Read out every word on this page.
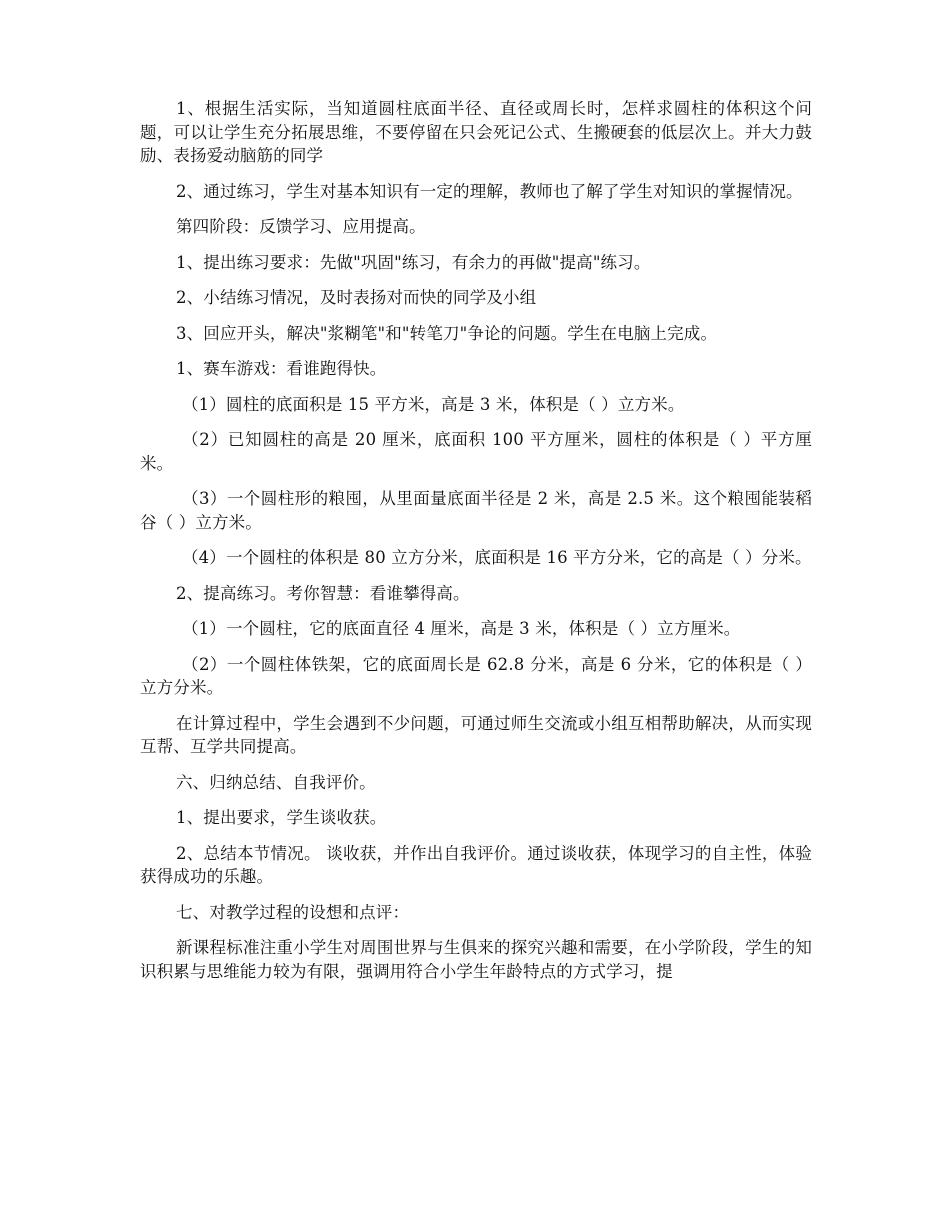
1、根据生活实际，当知道圆柱底面半径、直径或周长时，怎样求圆柱的体积这个问题，可以让学生充分拓展思维，不要停留在只会死记公式、生搬硬套的低层次上。并大力鼓励、表扬爱动脑筋的同学

2、通过练习，学生对基本知识有一定的理解，教师也了解了学生对知识的掌握情况。

第四阶段：反馈学习、应用提高。

1、提出练习要求：先做"巩固"练习，有余力的再做"提高"练习。

2、小结练习情况，及时表扬对而快的同学及小组

3、回应开头，解决"浆糊笔"和"转笔刀"争论的问题。学生在电脑上完成。

1、赛车游戏：看谁跑得快。

（1）圆柱的底面积是 15 平方米，高是 3 米，体积是（ ）立方米。

（2）已知圆柱的高是 20 厘米，底面积 100 平方厘米，圆柱的体积是（ ）平方厘米。

（3）一个圆柱形的粮囤，从里面量底面半径是 2 米，高是 2.5 米。这个粮囤能装稻谷（ ）立方米。

（4）一个圆柱的体积是 80 立方分米，底面积是 16 平方分米，它的高是（ ）分米。

2、提高练习。考你智慧：看谁攀得高。

（1）一个圆柱，它的底面直径 4 厘米，高是 3 米，体积是（ ）立方厘米。

（2）一个圆柱体铁架，它的底面周长是 62.8 分米，高是 6 分米，它的体积是（ ）立方分米。

在计算过程中，学生会遇到不少问题，可通过师生交流或小组互相帮助解决，从而实现互帮、互学共同提高。

六、归纳总结、自我评价。

1、提出要求，学生谈收获。

2、总结本节情况。 谈收获，并作出自我评价。通过谈收获，体现学习的自主性，体验获得成功的乐趣。

七、对教学过程的设想和点评：

新课程标准注重小学生对周围世界与生俱来的探究兴趣和需要，在小学阶段，学生的知识积累与思维能力较为有限，强调用符合小学生年龄特点的方式学习，提
